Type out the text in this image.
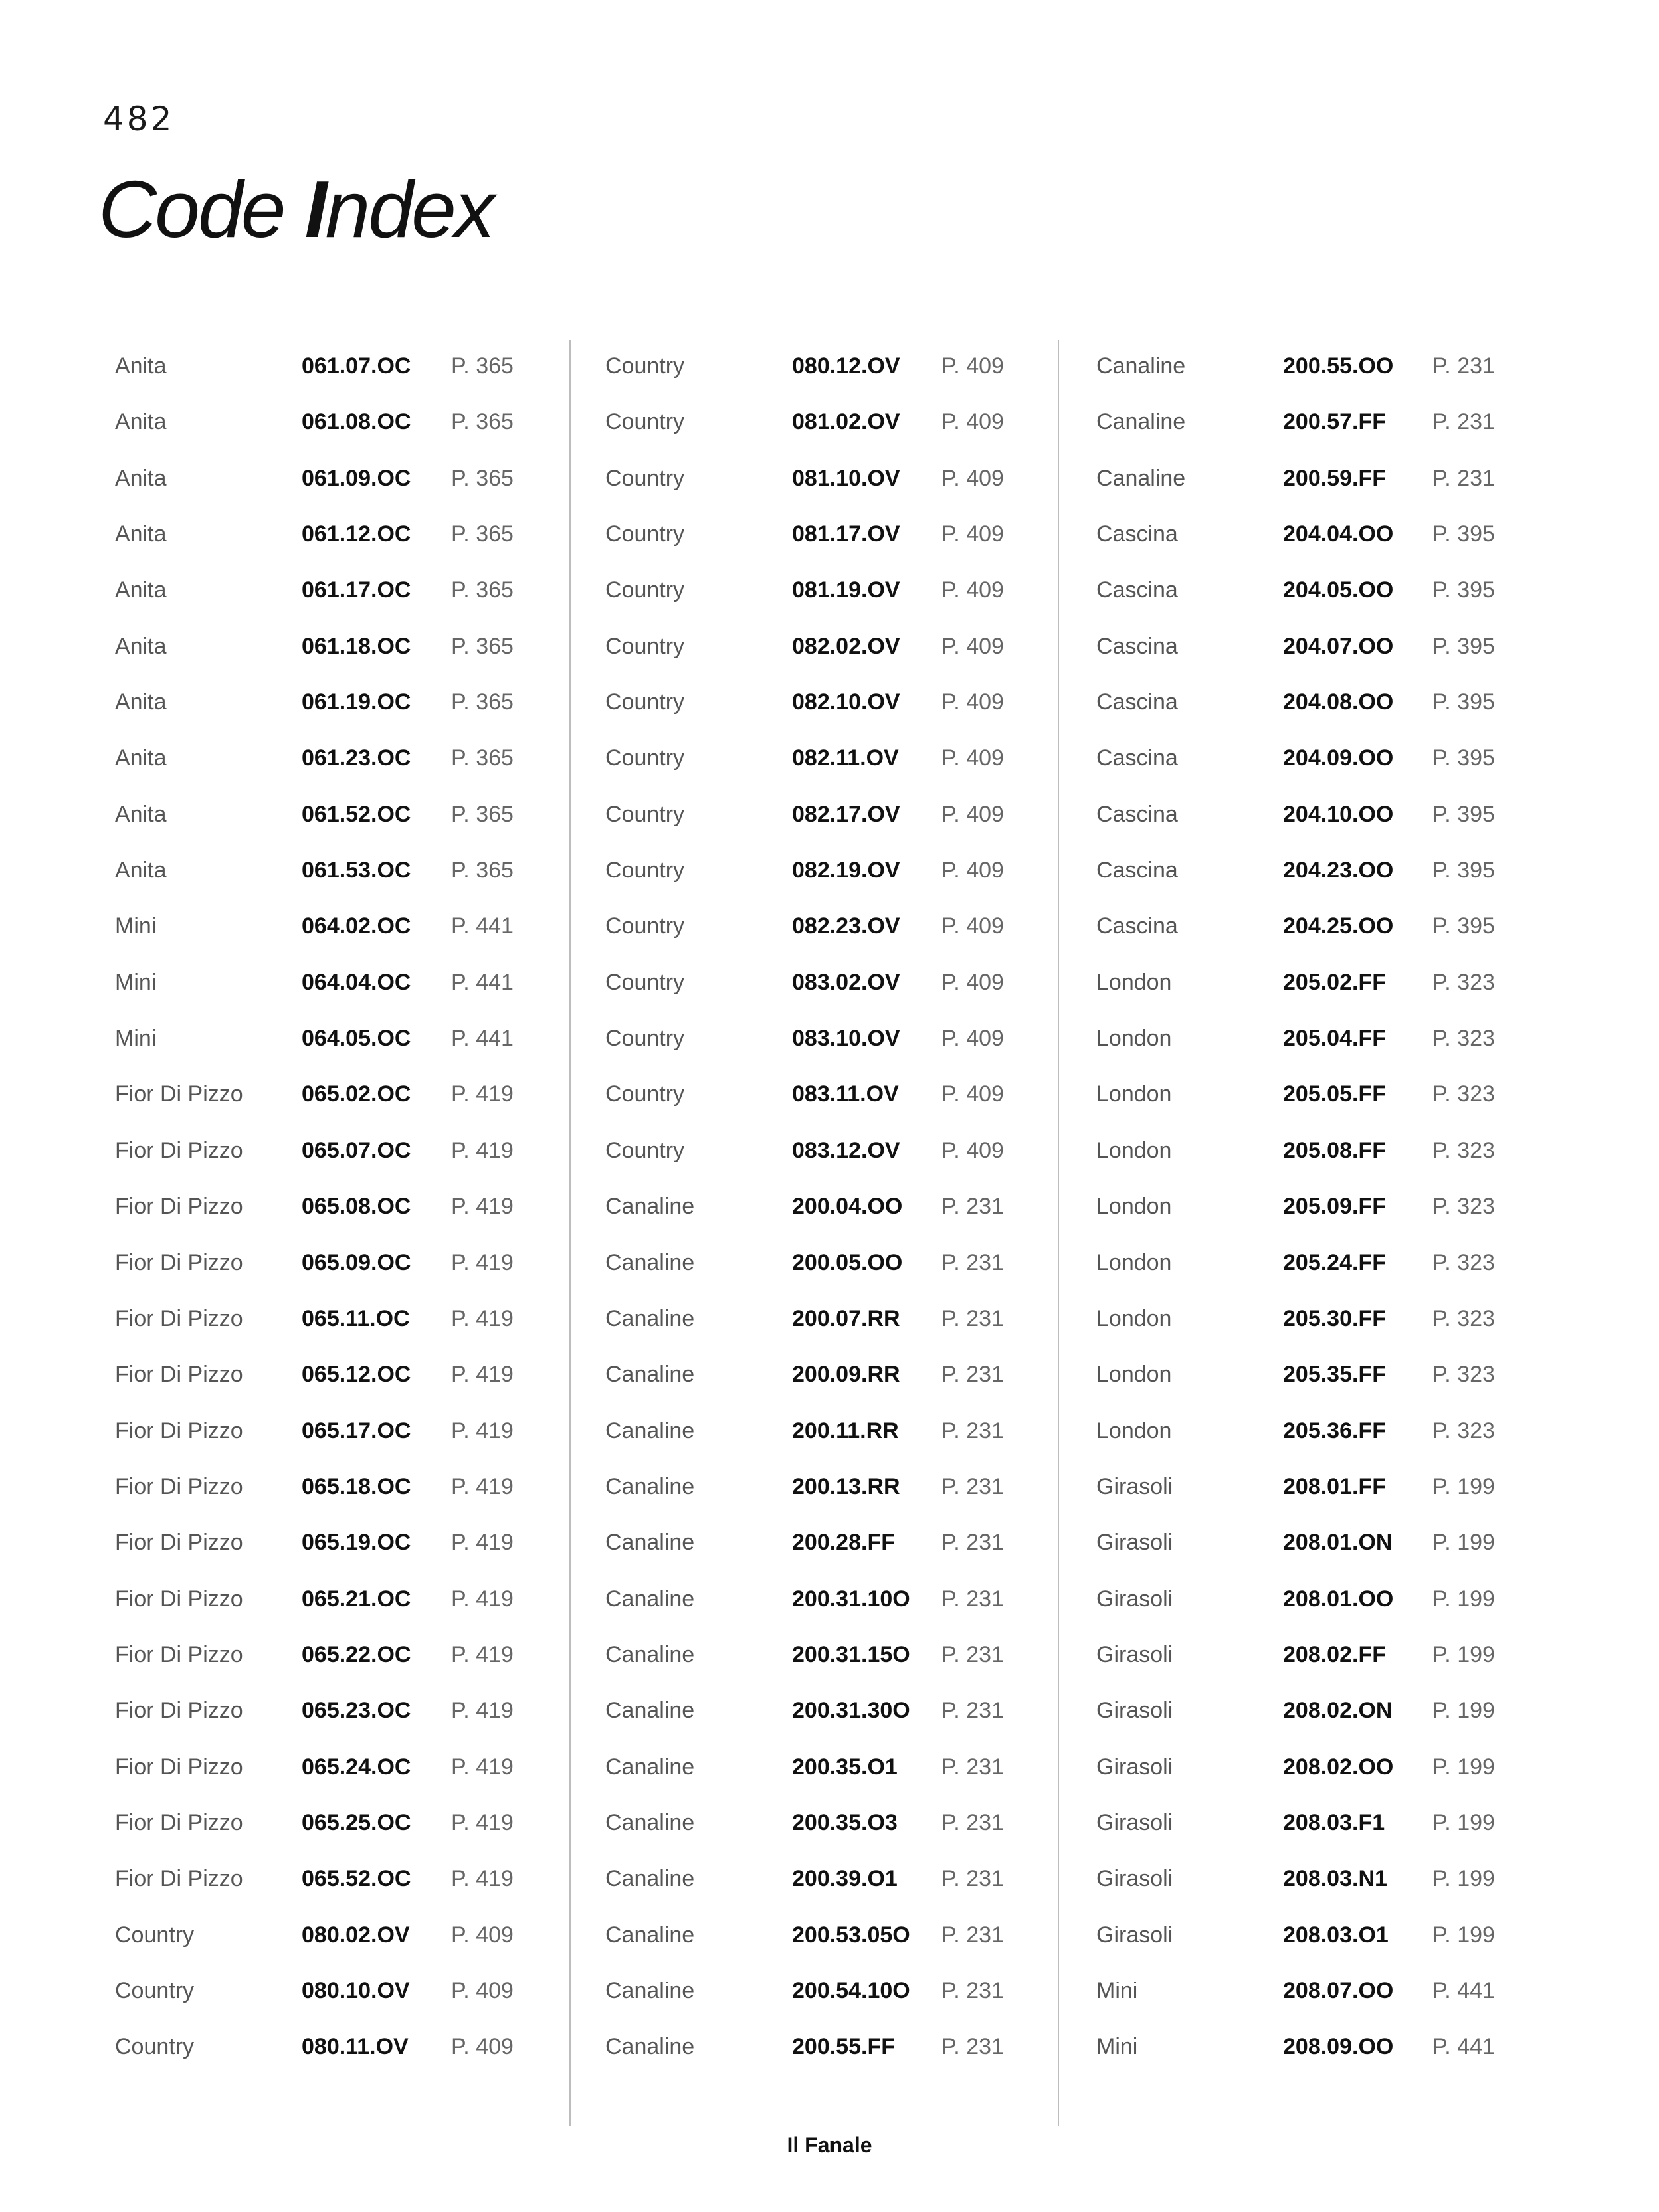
482
Code Index
Anita	061.07.OC P. 365
Anita	061.08.OC P. 365
Anita	061.09.OC P. 365
Anita	061.12.OC P. 365
Anita	061.17.OC P. 365
Anita	061.18.OC P. 365
Anita	061.19.OC P. 365
Anita	061.23.OC P. 365
Anita	061.52.OC P. 365
Anita	061.53.OC P. 365
Mini	064.02.OC P. 441
Mini	064.04.OC P. 441
Mini	064.05.OC P. 441
Fior Di Pizzo	065.02.OC P. 419
Fior Di Pizzo	065.07.OC P. 419
Fior Di Pizzo	065.08.OC P. 419
Fior Di Pizzo	065.09.OC P. 419
Fior Di Pizzo	065.11.OC P. 419
Fior Di Pizzo	065.12.OC P. 419
Fior Di Pizzo	065.17.OC P. 419
Fior Di Pizzo	065.18.OC P. 419
Fior Di Pizzo	065.19.OC P. 419
Fior Di Pizzo	065.21.OC P. 419
Fior Di Pizzo	065.22.OC P. 419
Fior Di Pizzo	065.23.OC P. 419
Fior Di Pizzo	065.24.OC P. 419
Fior Di Pizzo	065.25.OC P. 419
Fior Di Pizzo	065.52.OC P. 419
Country	080.02.OV P. 409
Country	080.10.OV P. 409
Country	080.11.OV P. 409
Country	080.12.OV P. 409
Country	081.02.OV P. 409
Country	081.10.OV P. 409
Country	081.17.OV P. 409
Country	081.19.OV P. 409
Country	082.02.OV P. 409
Country	082.10.OV P. 409
Country	082.11.OV P. 409
Country	082.17.OV P. 409
Country	082.19.OV P. 409
Country	082.23.OV P. 409
Country	083.02.OV P. 409
Country	083.10.OV P. 409
Country	083.11.OV P. 409
Country	083.12.OV P. 409
Canaline	200.04.OO P. 231
Canaline	200.05.OO P. 231
Canaline	200.07.RR P. 231
Canaline	200.09.RR P. 231
Canaline	200.11.RR P. 231
Canaline	200.13.RR P. 231
Canaline	200.28.FF P. 231
Canaline	200.31.10O P. 231
Canaline	200.31.15O P. 231
Canaline	200.31.30O P. 231
Canaline	200.35.O1 P. 231
Canaline	200.35.O3 P. 231
Canaline	200.39.O1 P. 231
Canaline	200.53.05O P. 231
Canaline	200.54.10O P. 231
Canaline	200.55.FF P. 231
Canaline	200.55.OO P. 231
Canaline	200.57.FF P. 231
Canaline	200.59.FF P. 231
Cascina	204.04.OO P. 395
Cascina	204.05.OO P. 395
Cascina	204.07.OO P. 395
Cascina	204.08.OO P. 395
Cascina	204.09.OO P. 395
Cascina	204.10.OO P. 395
Cascina	204.23.OO P. 395
Cascina	204.25.OO P. 395
London	205.02.FF P. 323
London	205.04.FF P. 323
London	205.05.FF P. 323
London	205.08.FF P. 323
London	205.09.FF P. 323
London	205.24.FF P. 323
London	205.30.FF P. 323
London	205.35.FF P. 323
London	205.36.FF P. 323
Girasoli	208.01.FF P. 199
Girasoli	208.01.ON P. 199
Girasoli	208.01.OO P. 199
Girasoli	208.02.FF P. 199
Girasoli	208.02.ON P. 199
Girasoli	208.02.OO P. 199
Girasoli	208.03.F1 P. 199
Girasoli	208.03.N1 P. 199
Girasoli	208.03.O1 P. 199
Mini	208.07.OO P. 441
Mini	208.09.OO P. 441
Il Fanale
